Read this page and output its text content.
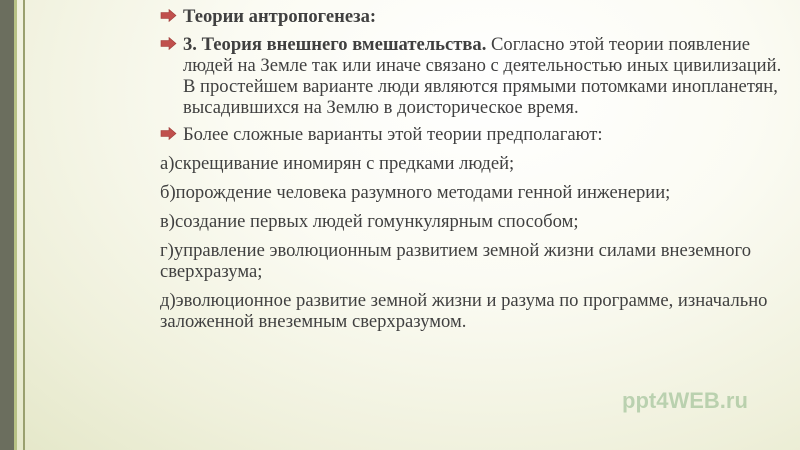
Теории антропогенеза:
3. Теория внешнего вмешательства. Согласно этой теории появление людей на Земле так или иначе связано с деятельностью иных цивилизаций. В простейшем варианте люди являются прямыми потомками инопланетян, высадившихся на Землю в доисторическое время.
Более сложные варианты этой теории предполагают:
а)скрещивание иномирян с предками людей;
б)порождение человека разумного методами генной инженерии;
в)создание первых людей гомункулярным способом;
г)управление эволюционным развитием земной жизни силами внеземного сверхразума;
д)эволюционное развитие земной жизни и разума по программе, изначально заложенной внеземным сверхразумом.
ppt4WEB.ru
